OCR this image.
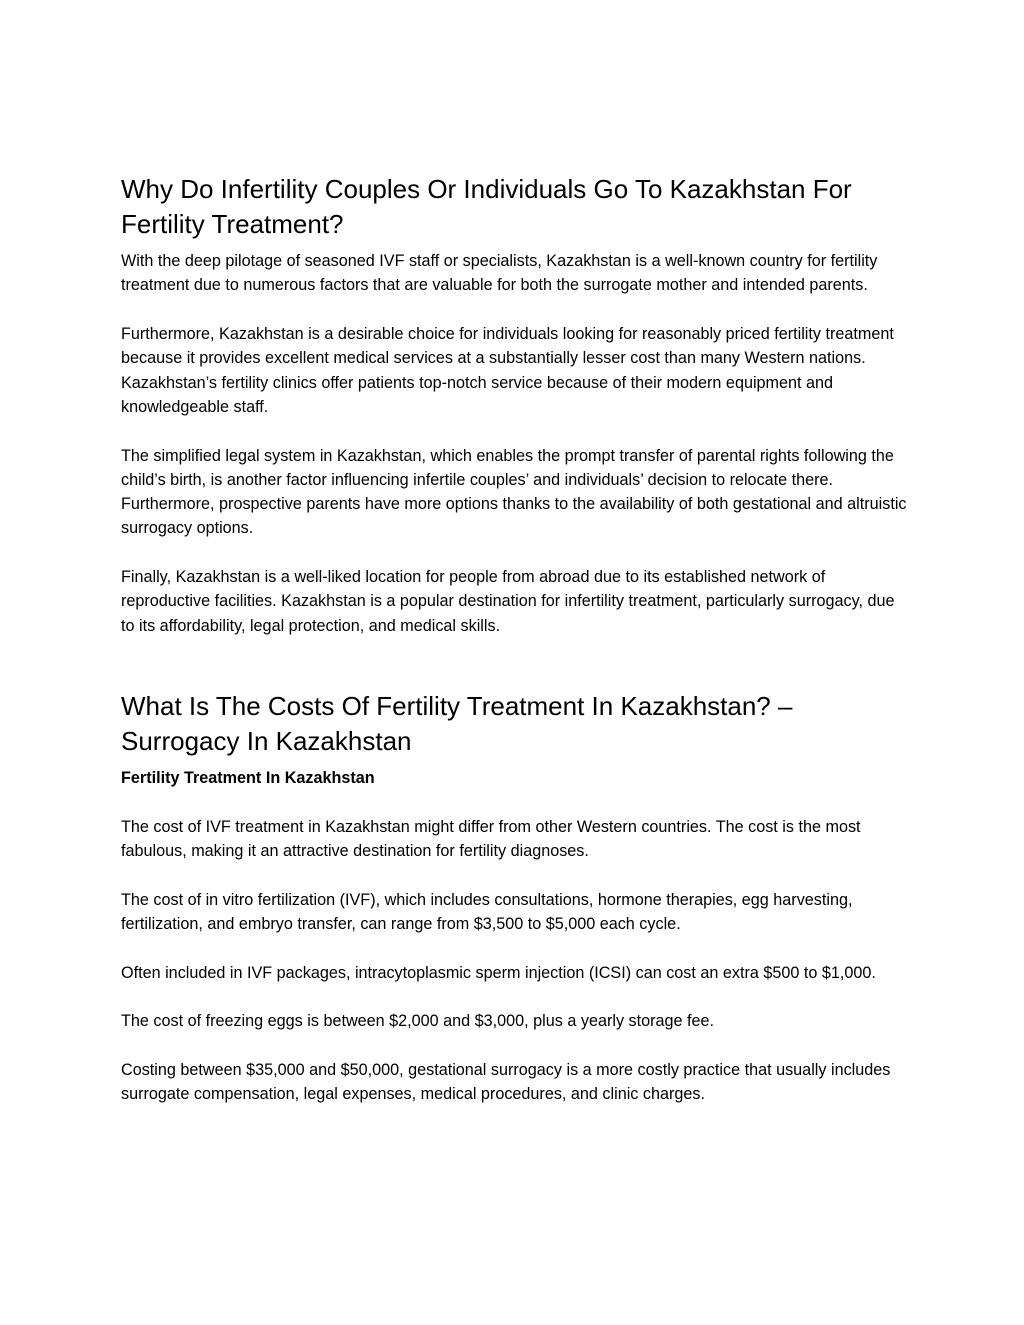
Why Do Infertility Couples Or Individuals Go To Kazakhstan For Fertility Treatment?

With the deep pilotage of seasoned IVF staff or specialists, Kazakhstan is a well-known country for fertility treatment due to numerous factors that are valuable for both the surrogate mother and intended parents.

Furthermore, Kazakhstan is a desirable choice for individuals looking for reasonably priced fertility treatment because it provides excellent medical services at a substantially lesser cost than many Western nations. Kazakhstan’s fertility clinics offer patients top-notch service because of their modern equipment and knowledgeable staff.

The simplified legal system in Kazakhstan, which enables the prompt transfer of parental rights following the child’s birth, is another factor influencing infertile couples’ and individuals’ decision to relocate there. Furthermore, prospective parents have more options thanks to the availability of both gestational and altruistic surrogacy options.

Finally, Kazakhstan is a well-liked location for people from abroad due to its established network of reproductive facilities. Kazakhstan is a popular destination for infertility treatment, particularly surrogacy, due to its affordability, legal protection, and medical skills.

What Is The Costs Of Fertility Treatment In Kazakhstan? – Surrogacy In Kazakhstan

Fertility Treatment In Kazakhstan

The cost of IVF treatment in Kazakhstan might differ from other Western countries. The cost is the most fabulous, making it an attractive destination for fertility diagnoses.

The cost of in vitro fertilization (IVF), which includes consultations, hormone therapies, egg harvesting, fertilization, and embryo transfer, can range from $3,500 to $5,000 each cycle.

Often included in IVF packages, intracytoplasmic sperm injection (ICSI) can cost an extra $500 to $1,000.

The cost of freezing eggs is between $2,000 and $3,000, plus a yearly storage fee.

Costing between $35,000 and $50,000, gestational surrogacy is a more costly practice that usually includes surrogate compensation, legal expenses, medical procedures, and clinic charges.
